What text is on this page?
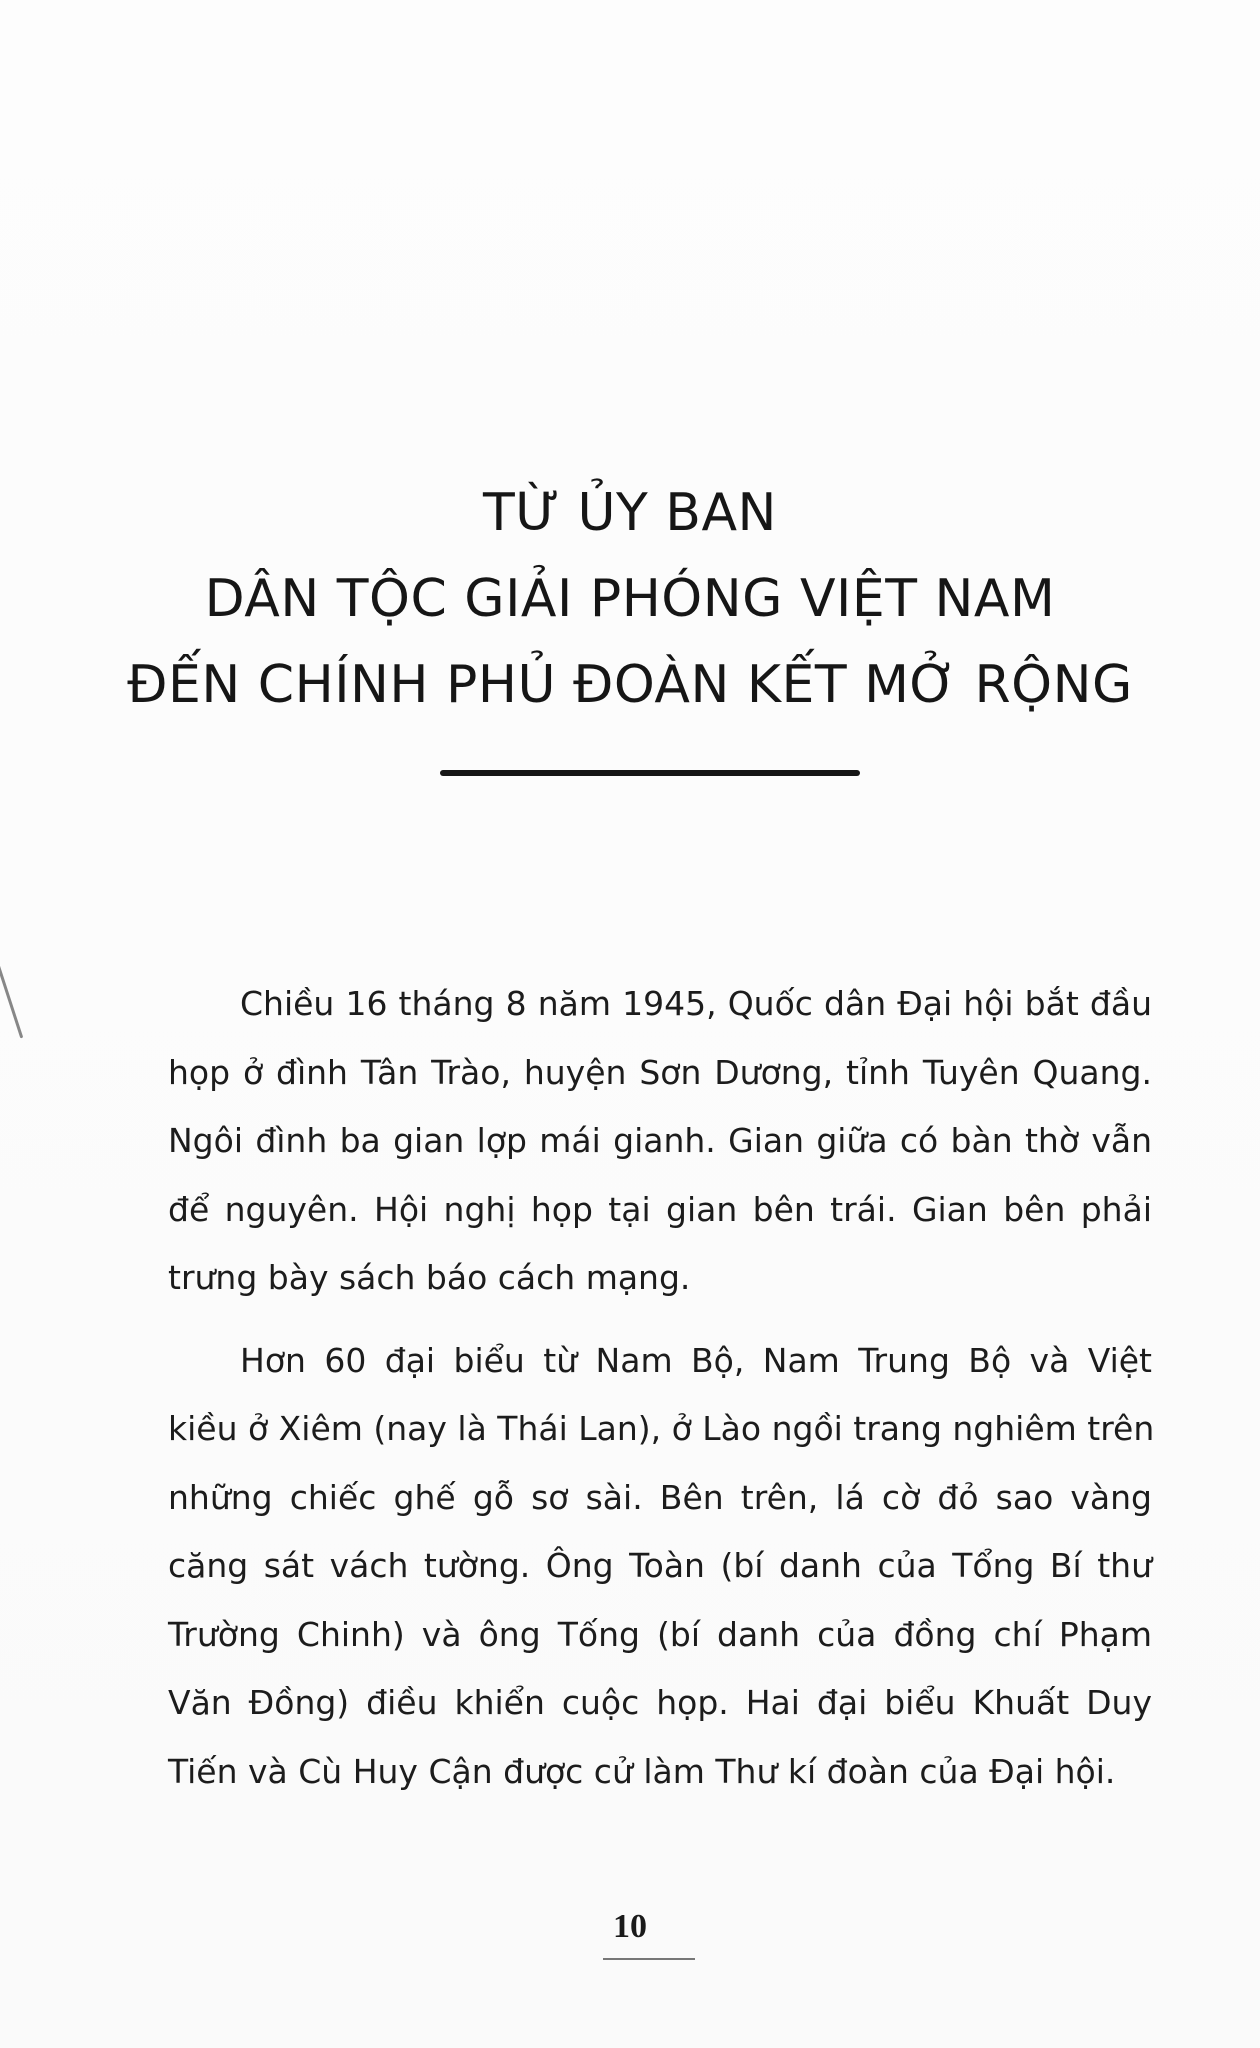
TỪ ỦY BAN
DÂN TỘC GIẢI PHÓNG VIỆT NAM
ĐẾN CHÍNH PHỦ ĐOÀN KẾT MỞ RỘNG
Chiều 16 tháng 8 năm 1945, Quốc dân Đại hội bắt đầu
họp ở đình Tân Trào, huyện Sơn Dương, tỉnh Tuyên Quang.
Ngôi đình ba gian lợp mái gianh. Gian giữa có bàn thờ vẫn
để nguyên. Hội nghị họp tại gian bên trái. Gian bên phải
trưng bày sách báo cách mạng.
Hơn 60 đại biểu từ Nam Bộ, Nam Trung Bộ và Việt
kiều ở Xiêm (nay là Thái Lan), ở Lào ngồi trang nghiêm trên
những chiếc ghế gỗ sơ sài. Bên trên, lá cờ đỏ sao vàng
căng sát vách tường. Ông Toàn (bí danh của Tổng Bí thư
Trường Chinh) và ông Tống (bí danh của đồng chí Phạm
Văn Đồng) điều khiển cuộc họp. Hai đại biểu Khuất Duy
Tiến và Cù Huy Cận được cử làm Thư kí đoàn của Đại hội.
10
